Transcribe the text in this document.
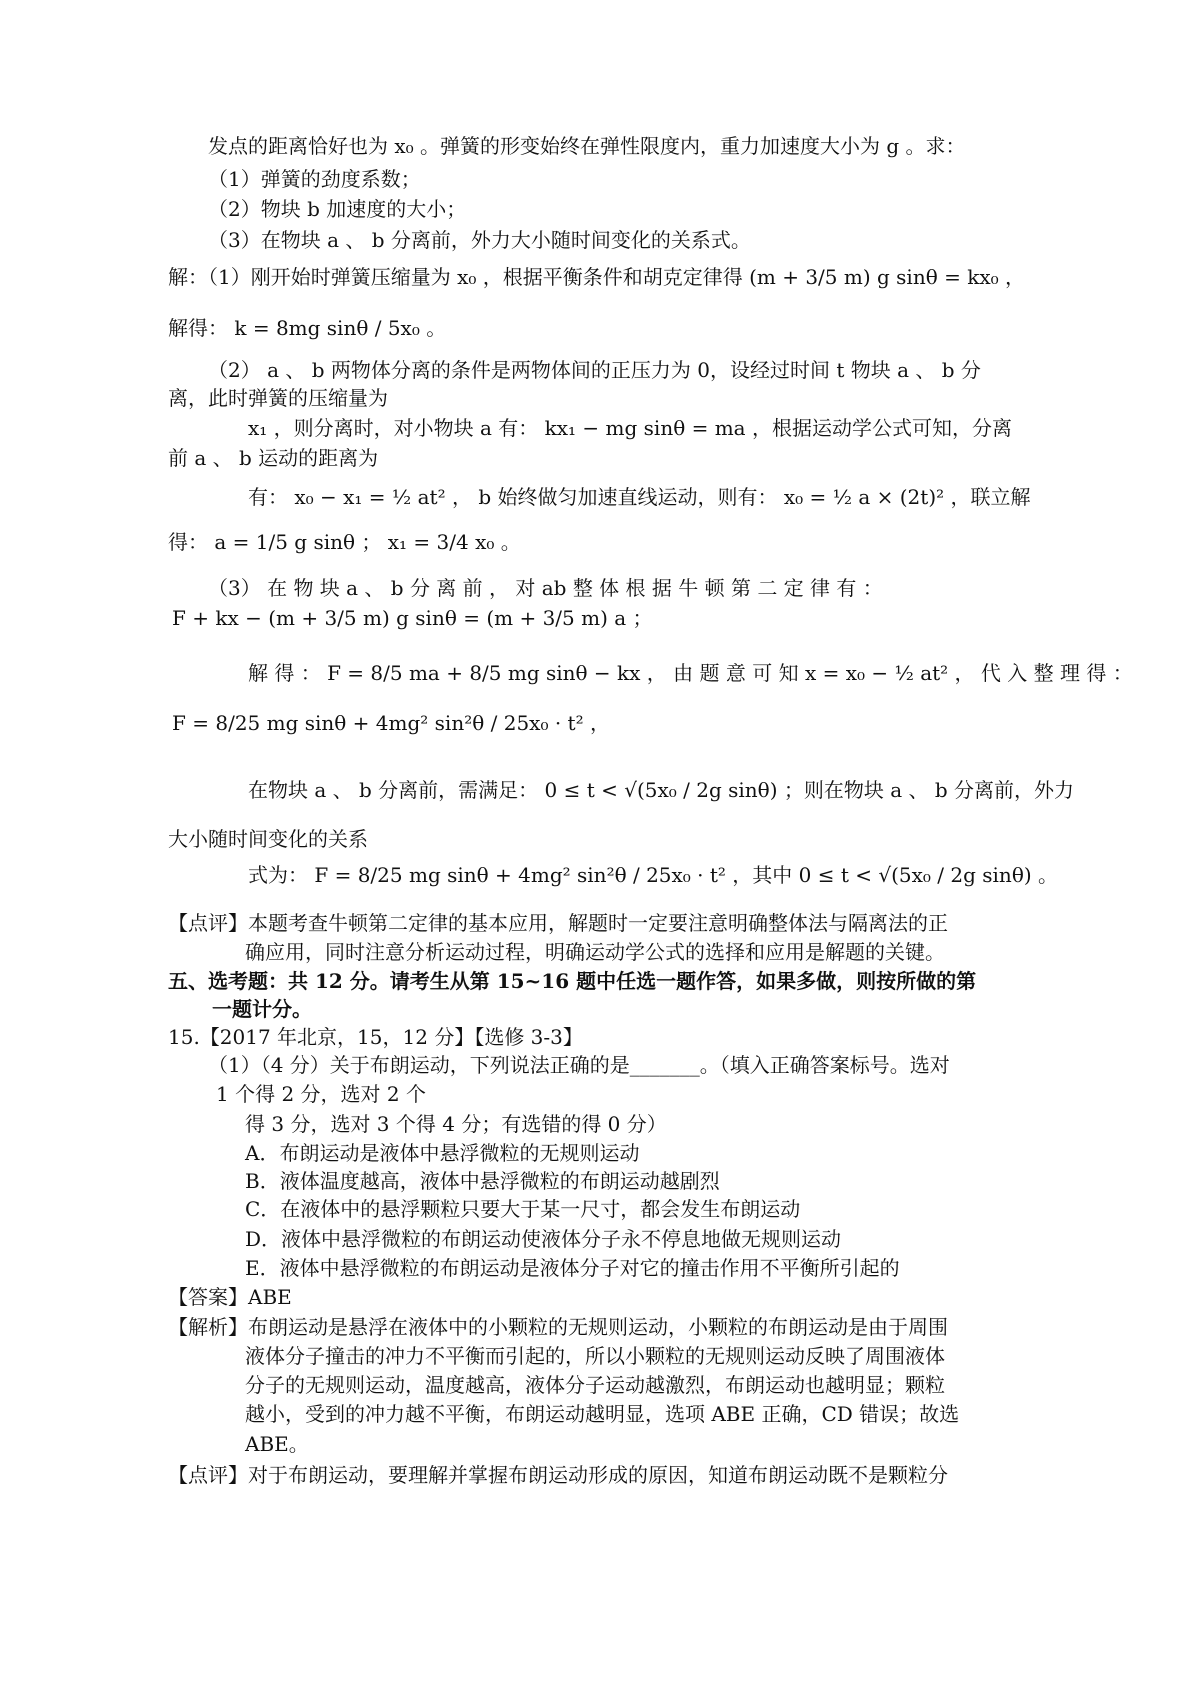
发点的距离恰好也为 x₀ 。弹簧的形变始终在弹性限度内，重力加速度大小为 g 。求：
（1）弹簧的劲度系数；
（2）物块 b 加速度的大小；
（3）在物块 a 、 b 分离前，外力大小随时间变化的关系式。
解：（1）刚开始时弹簧压缩量为 x₀ ，根据平衡条件和胡克定律得 (m + 3/5 m) g sinθ = kx₀ ，
解得： k = 8mg sinθ / 5x₀ 。
（2） a 、 b 两物体分离的条件是两物体间的正压力为 0，设经过时间 t 物块 a 、 b 分
离，此时弹簧的压缩量为
x₁ ，则分离时，对小物块 a 有： kx₁ − mg sinθ = ma ，根据运动学公式可知，分离
前 a 、 b 运动的距离为
有： x₀ − x₁ = ½ at² ， b 始终做匀加速直线运动，则有： x₀ = ½ a × (2t)² ，联立解
得： a = 1/5 g sinθ ； x₁ = 3/4 x₀ 。
（3） 在 物 块 a 、 b 分 离 前 ， 对 ab 整 体 根 据 牛 顿 第 二 定 律 有 ：
F + kx − (m + 3/5 m) g sinθ = (m + 3/5 m) a ；
解 得 ： F = 8/5 ma + 8/5 mg sinθ − kx ， 由 题 意 可 知 x = x₀ − ½ at² ， 代 入 整 理 得 ：
F = 8/25 mg sinθ + 4mg² sin²θ / 25x₀ · t² ，
在物块 a 、 b 分离前，需满足： 0 ≤ t < √(5x₀ / 2g sinθ) ；则在物块 a 、 b 分离前，外力
大小随时间变化的关系
式为： F = 8/25 mg sinθ + 4mg² sin²θ / 25x₀ · t² ，其中 0 ≤ t < √(5x₀ / 2g sinθ) 。
【点评】本题考查牛顿第二定律的基本应用，解题时一定要注意明确整体法与隔离法的正
确应用，同时注意分析运动过程，明确运动学公式的选择和应用是解题的关键。
五、选考题：共 12 分。请考生从第 15~16 题中任选一题作答，如果多做，则按所做的第
一题计分。
15.【2017 年北京，15，12 分】【选修 3-3】
（1）（4 分）关于布朗运动，下列说法正确的是_______。（填入正确答案标号。选对
1 个得 2 分，选对 2 个
得 3 分，选对 3 个得 4 分；有选错的得 0 分）
A．布朗运动是液体中悬浮微粒的无规则运动
B．液体温度越高，液体中悬浮微粒的布朗运动越剧烈
C．在液体中的悬浮颗粒只要大于某一尺寸，都会发生布朗运动
D．液体中悬浮微粒的布朗运动使液体分子永不停息地做无规则运动
E．液体中悬浮微粒的布朗运动是液体分子对它的撞击作用不平衡所引起的
【答案】ABE
【解析】布朗运动是悬浮在液体中的小颗粒的无规则运动，小颗粒的布朗运动是由于周围
液体分子撞击的冲力不平衡而引起的，所以小颗粒的无规则运动反映了周围液体
分子的无规则运动，温度越高，液体分子运动越激烈，布朗运动也越明显；颗粒
越小，受到的冲力越不平衡，布朗运动越明显，选项 ABE 正确，CD 错误；故选
ABE。
【点评】对于布朗运动，要理解并掌握布朗运动形成的原因，知道布朗运动既不是颗粒分
